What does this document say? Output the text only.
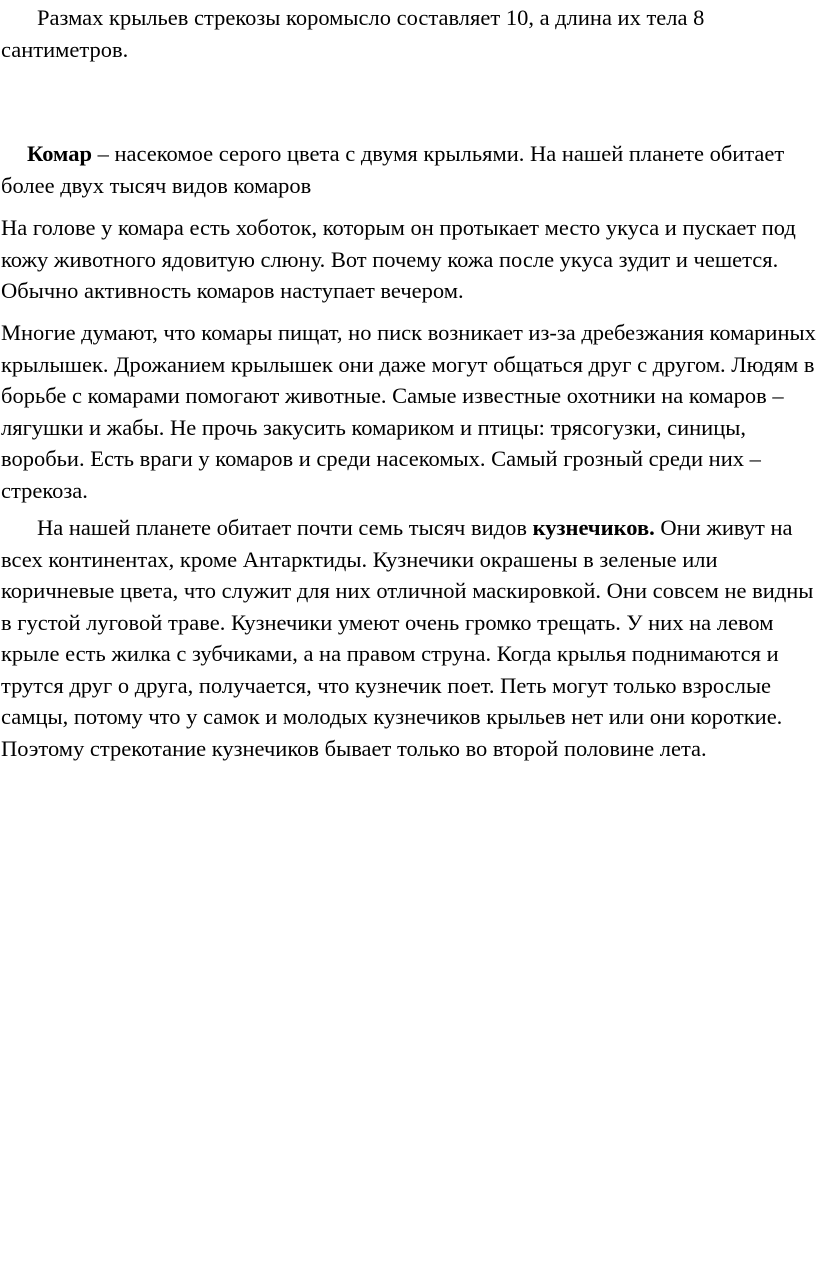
Размах крыльев стрекозы коромысло составляет 10, а длина их тела 8 сантиметров.

Комар – насекомое серого цвета с двумя крыльями. На нашей планете обитает более двух тысяч видов комаров

На голове у комара есть хоботок, которым он протыкает место укуса и пускает под кожу животного ядовитую слюну. Вот почему кожа после укуса зудит и чешется. Обычно активность комаров наступает вечером.

Многие думают, что комары пищат, но писк возникает из-за дребезжания комариных крылышек. Дрожанием крылышек они даже могут общаться друг с другом. Людям в борьбе с комарами помогают животные. Самые известные охотники на комаров – лягушки и жабы. Не прочь закусить комариком и птицы: трясогузки, синицы, воробьи. Есть враги у комаров и среди насекомых. Самый грозный среди них – стрекоза.

На нашей планете обитает почти семь тысяч видов кузнечиков. Они живут на всех континентах, кроме Антарктиды. Кузнечики окрашены в зеленые или коричневые цвета, что служит для них отличной маскировкой. Они совсем не видны в густой луговой траве. Кузнечики умеют очень громко трещать. У них на левом крыле есть жилка с зубчиками, а на правом струна. Когда крылья поднимаются и трутся друг о друга, получается, что кузнечик поет. Петь могут только взрослые самцы, потому что у самок и молодых кузнечиков крыльев нет или они короткие. Поэтому стрекотание кузнечиков бывает только во второй половине лета.
